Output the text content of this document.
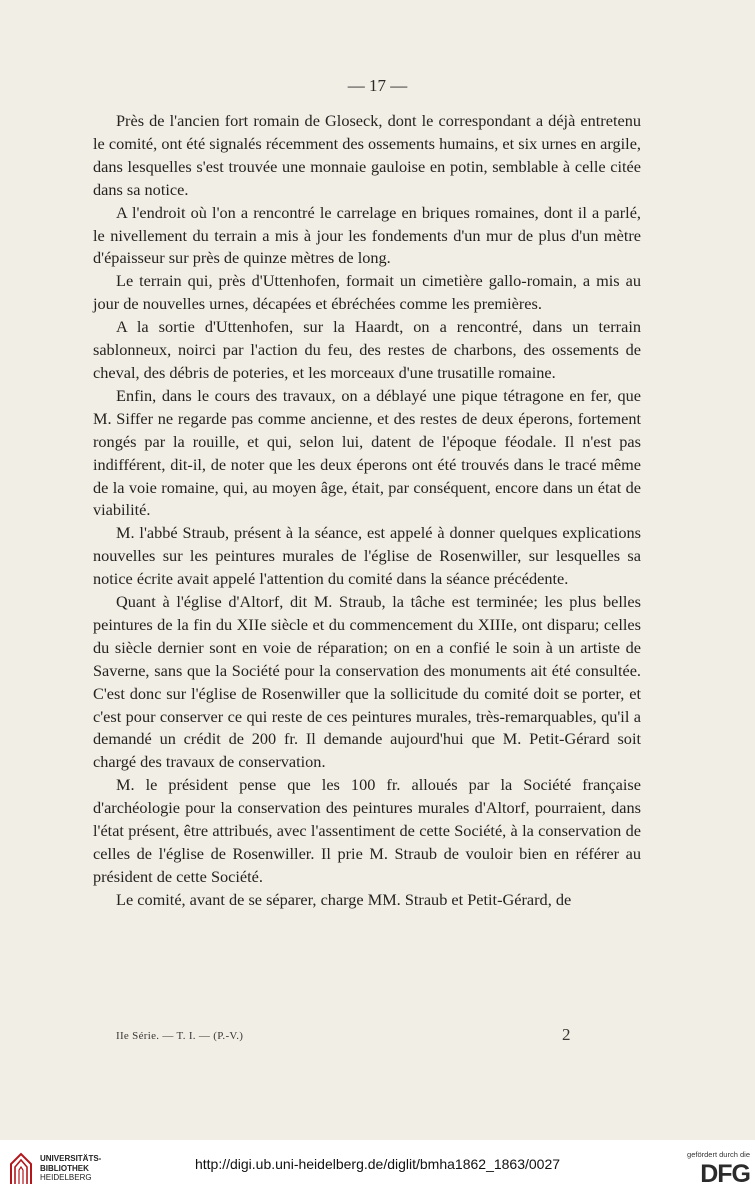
— 17 —

Près de l'ancien fort romain de Gloseck, dont le correspondant a déjà entretenu le comité, ont été signalés récemment des ossements humains, et six urnes en argile, dans lesquelles s'est trouvée une monnaie gauloise en potin, semblable à celle citée dans sa notice.

A l'endroit où l'on a rencontré le carrelage en briques romaines, dont il a parlé, le nivellement du terrain a mis à jour les fondements d'un mur de plus d'un mètre d'épaisseur sur près de quinze mètres de long.

Le terrain qui, près d'Uttenhofen, formait un cimetière gallo-romain, a mis au jour de nouvelles urnes, décapées et ébréchées comme les premières.

A la sortie d'Uttenhofen, sur la Haardt, on a rencontré, dans un terrain sablonneux, noirci par l'action du feu, des restes de charbons, des ossements de cheval, des débris de poteries, et les morceaux d'une trusatille romaine.

Enfin, dans le cours des travaux, on a déblayé une pique tétragone en fer, que M. Siffer ne regarde pas comme ancienne, et des restes de deux éperons, fortement rongés par la rouille, et qui, selon lui, datent de l'époque féodale. Il n'est pas indifférent, dit-il, de noter que les deux éperons ont été trouvés dans le tracé même de la voie romaine, qui, au moyen âge, était, par conséquent, encore dans un état de viabilité.

M. l'abbé Straub, présent à la séance, est appelé à donner quelques explications nouvelles sur les peintures murales de l'église de Rosenwiller, sur lesquelles sa notice écrite avait appelé l'attention du comité dans la séance précédente.

Quant à l'église d'Altorf, dit M. Straub, la tâche est terminée; les plus belles peintures de la fin du XIIe siècle et du commencement du XIIIe, ont disparu; celles du siècle dernier sont en voie de réparation; on en a confié le soin à un artiste de Saverne, sans que la Société pour la conservation des monuments ait été consultée. C'est donc sur l'église de Rosenwiller que la sollicitude du comité doit se porter, et c'est pour conserver ce qui reste de ces peintures murales, très-remarquables, qu'il a demandé un crédit de 200 fr. Il demande aujourd'hui que M. Petit-Gérard soit chargé des travaux de conservation.

M. le président pense que les 100 fr. alloués par la Société française d'archéologie pour la conservation des peintures murales d'Altorf, pourraient, dans l'état présent, être attribués, avec l'assentiment de cette Société, à la conservation de celles de l'église de Rosenwiller. Il prie M. Straub de vouloir bien en référer au président de cette Société.

Le comité, avant de se séparer, charge MM. Straub et Petit-Gérard, de

IIe Série. — T. I. — (P.-V.)	2
UNIVERSITÄTS-
BIBLIOTHEK
HEIDELBERG
http://digi.ub.uni-heidelberg.de/diglit/bmha1862_1863/0027
gefördert durch die
DFG
